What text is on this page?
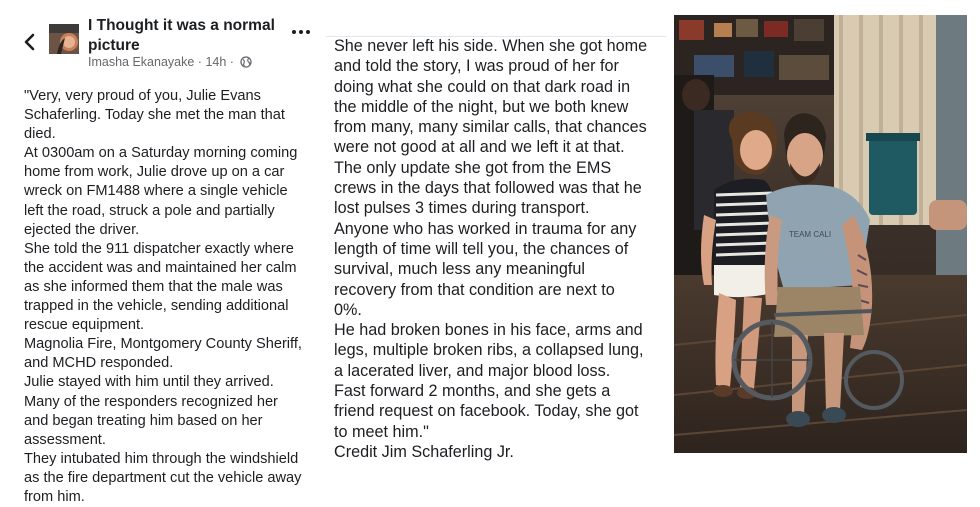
I Thought it was a normal picture
Imasha Ekanayake · 14h ·
"Very, very proud of you, Julie Evans
Schaferling. Today she met the man that
died.
At 0300am on a Saturday morning coming
home from work, Julie drove up on a car
wreck on FM1488 where a single vehicle
left the road, struck a pole and partially
ejected the driver.
She told the 911 dispatcher exactly where
the accident was and maintained her calm
as she informed them that the male was
trapped in the vehicle, sending additional
rescue equipment.
Magnolia Fire, Montgomery County Sheriff,
and MCHD responded.
Julie stayed with him until they arrived.
Many of the responders recognized her
and began treating him based on her
assessment.
They intubated him through the windshield
as the fire department cut the vehicle away
from him.
She never left his side. When she got home
and told the story, I was proud of her for
doing what she could on that dark road in
the middle of the night, but we both knew
from many, many similar calls, that chances
were not good at all and we left it at that.
The only update she got from the EMS
crews in the days that followed was that he
lost pulses 3 times during transport.
Anyone who has worked in trauma for any
length of time will tell you, the chances of
survival, much less any meaningful
recovery from that condition are next to
0%.
He had broken bones in his face, arms and
legs, multiple broken ribs, a collapsed lung,
a lacerated liver, and major blood loss.
Fast forward 2 months, and she gets a
friend request on facebook. Today, she got
to meet him."
Credit Jim Schaferling Jr.
TEAM CALI
